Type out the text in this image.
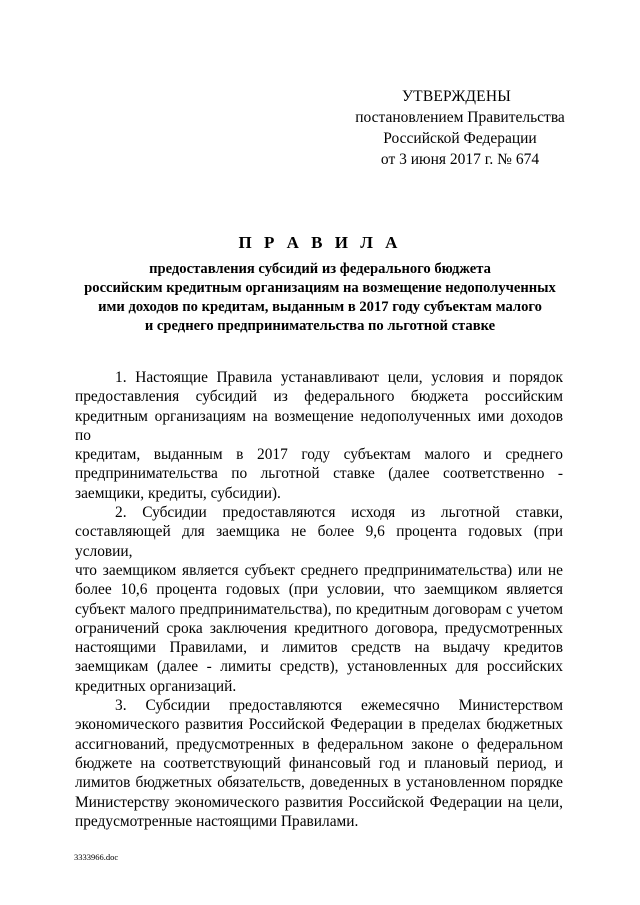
УТВЕРЖДЕНЫ
постановлением Правительства
Российской Федерации
от 3 июня 2017 г. № 674
П Р А В И Л А
предоставления субсидий из федерального бюджета
российским кредитным организациям на возмещение недополученных
ими доходов по кредитам, выданным в 2017 году субъектам малого
и среднего предпринимательства по льготной ставке
1. Настоящие Правила устанавливают цели, условия и порядок
предоставления субсидий из федерального бюджета российским
кредитным организациям на возмещение недополученных ими доходов по
кредитам, выданным в 2017 году субъектам малого и среднего
предпринимательства по льготной ставке (далее соответственно -
заемщики, кредиты, субсидии).
2. Субсидии предоставляются исходя из льготной ставки,
составляющей для заемщика не более 9,6 процента годовых (при условии,
что заемщиком является субъект среднего предпринимательства) или не
более 10,6 процента годовых (при условии, что заемщиком является
субъект малого предпринимательства), по кредитным договорам с учетом
ограничений срока заключения кредитного договора, предусмотренных
настоящими Правилами, и лимитов средств на выдачу кредитов
заемщикам (далее - лимиты средств), установленных для российских
кредитных организаций.
3. Субсидии предоставляются ежемесячно Министерством
экономического развития Российской Федерации в пределах бюджетных
ассигнований, предусмотренных в федеральном законе о федеральном
бюджете на соответствующий финансовый год и плановый период, и
лимитов бюджетных обязательств, доведенных в установленном порядке
Министерству экономического развития Российской Федерации на цели,
предусмотренные настоящими Правилами.
3333966.doc
